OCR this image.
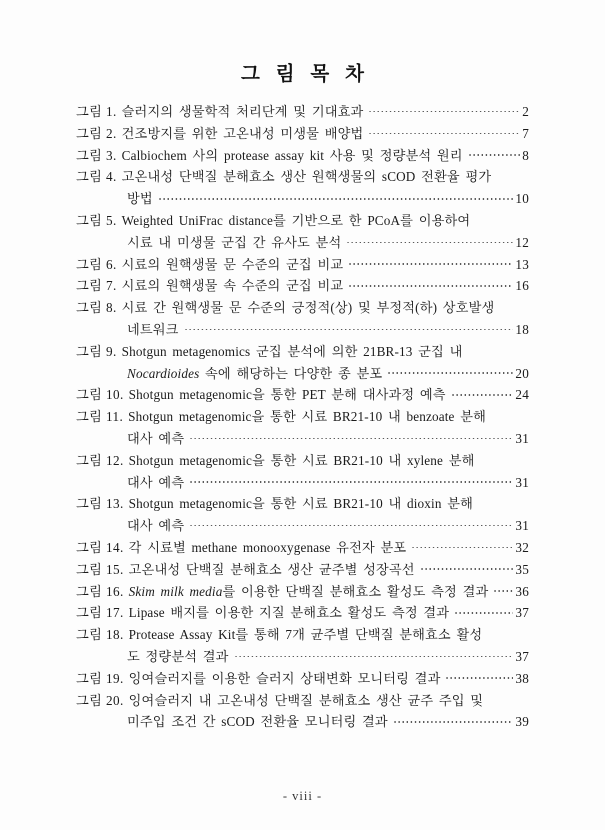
그 림 목 차
그림 1. 슬러지의 생물학적 처리단계 및 기대효과	2
그림 2. 건조방지를 위한 고온내성 미생물 배양법	7
그림 3. Calbiochem 사의 protease assay kit 사용 및 정량분석 원리	8
그림 4. 고온내성 단백질 분해효소 생산 원핵생물의 sCOD 전환율 평가
방법	10
그림 5. Weighted UniFrac distance를 기반으로 한 PCoA를 이용하여
시료 내 미생물 군집 간 유사도 분석	12
그림 6. 시료의 원핵생물 문 수준의 군집 비교	13
그림 7. 시료의 원핵생물 속 수준의 군집 비교	16
그림 8. 시료 간 원핵생물 문 수준의 긍정적(상) 및 부정적(하) 상호발생
네트워크	18
그림 9. Shotgun metagenomics 군집 분석에 의한 21BR-13 군집 내
Nocardioides 속에 해당하는 다양한 종 분포	20
그림 10. Shotgun metagenomic을 통한 PET 분해 대사과정 예측	24
그림 11. Shotgun metagenomic을 통한 시료 BR21-10 내 benzoate 분해
대사 예측	31
그림 12. Shotgun metagenomic을 통한 시료 BR21-10 내 xylene 분해
대사 예측	31
그림 13. Shotgun metagenomic을 통한 시료 BR21-10 내 dioxin 분해
대사 예측	31
그림 14. 각 시료별 methane monooxygenase 유전자 분포	32
그림 15. 고온내성 단백질 분해효소 생산 균주별 성장곡선	35
그림 16. Skim milk media를 이용한 단백질 분해효소 활성도 측정 결과 36
그림 17. Lipase 배지를 이용한 지질 분해효소 활성도 측정 결과	37
그림 18. Protease Assay Kit를 통해 7개 균주별 단백질 분해효소 활성
도 정량분석 결과	37
그림 19. 잉여슬러지를 이용한 슬러지 상태변화 모니터링 결과	38
그림 20. 잉여슬러지 내 고온내성 단백질 분해효소 생산 균주 주입 및
미주입 조건 간 sCOD 전환율 모니터링 결과	39
- viii -
